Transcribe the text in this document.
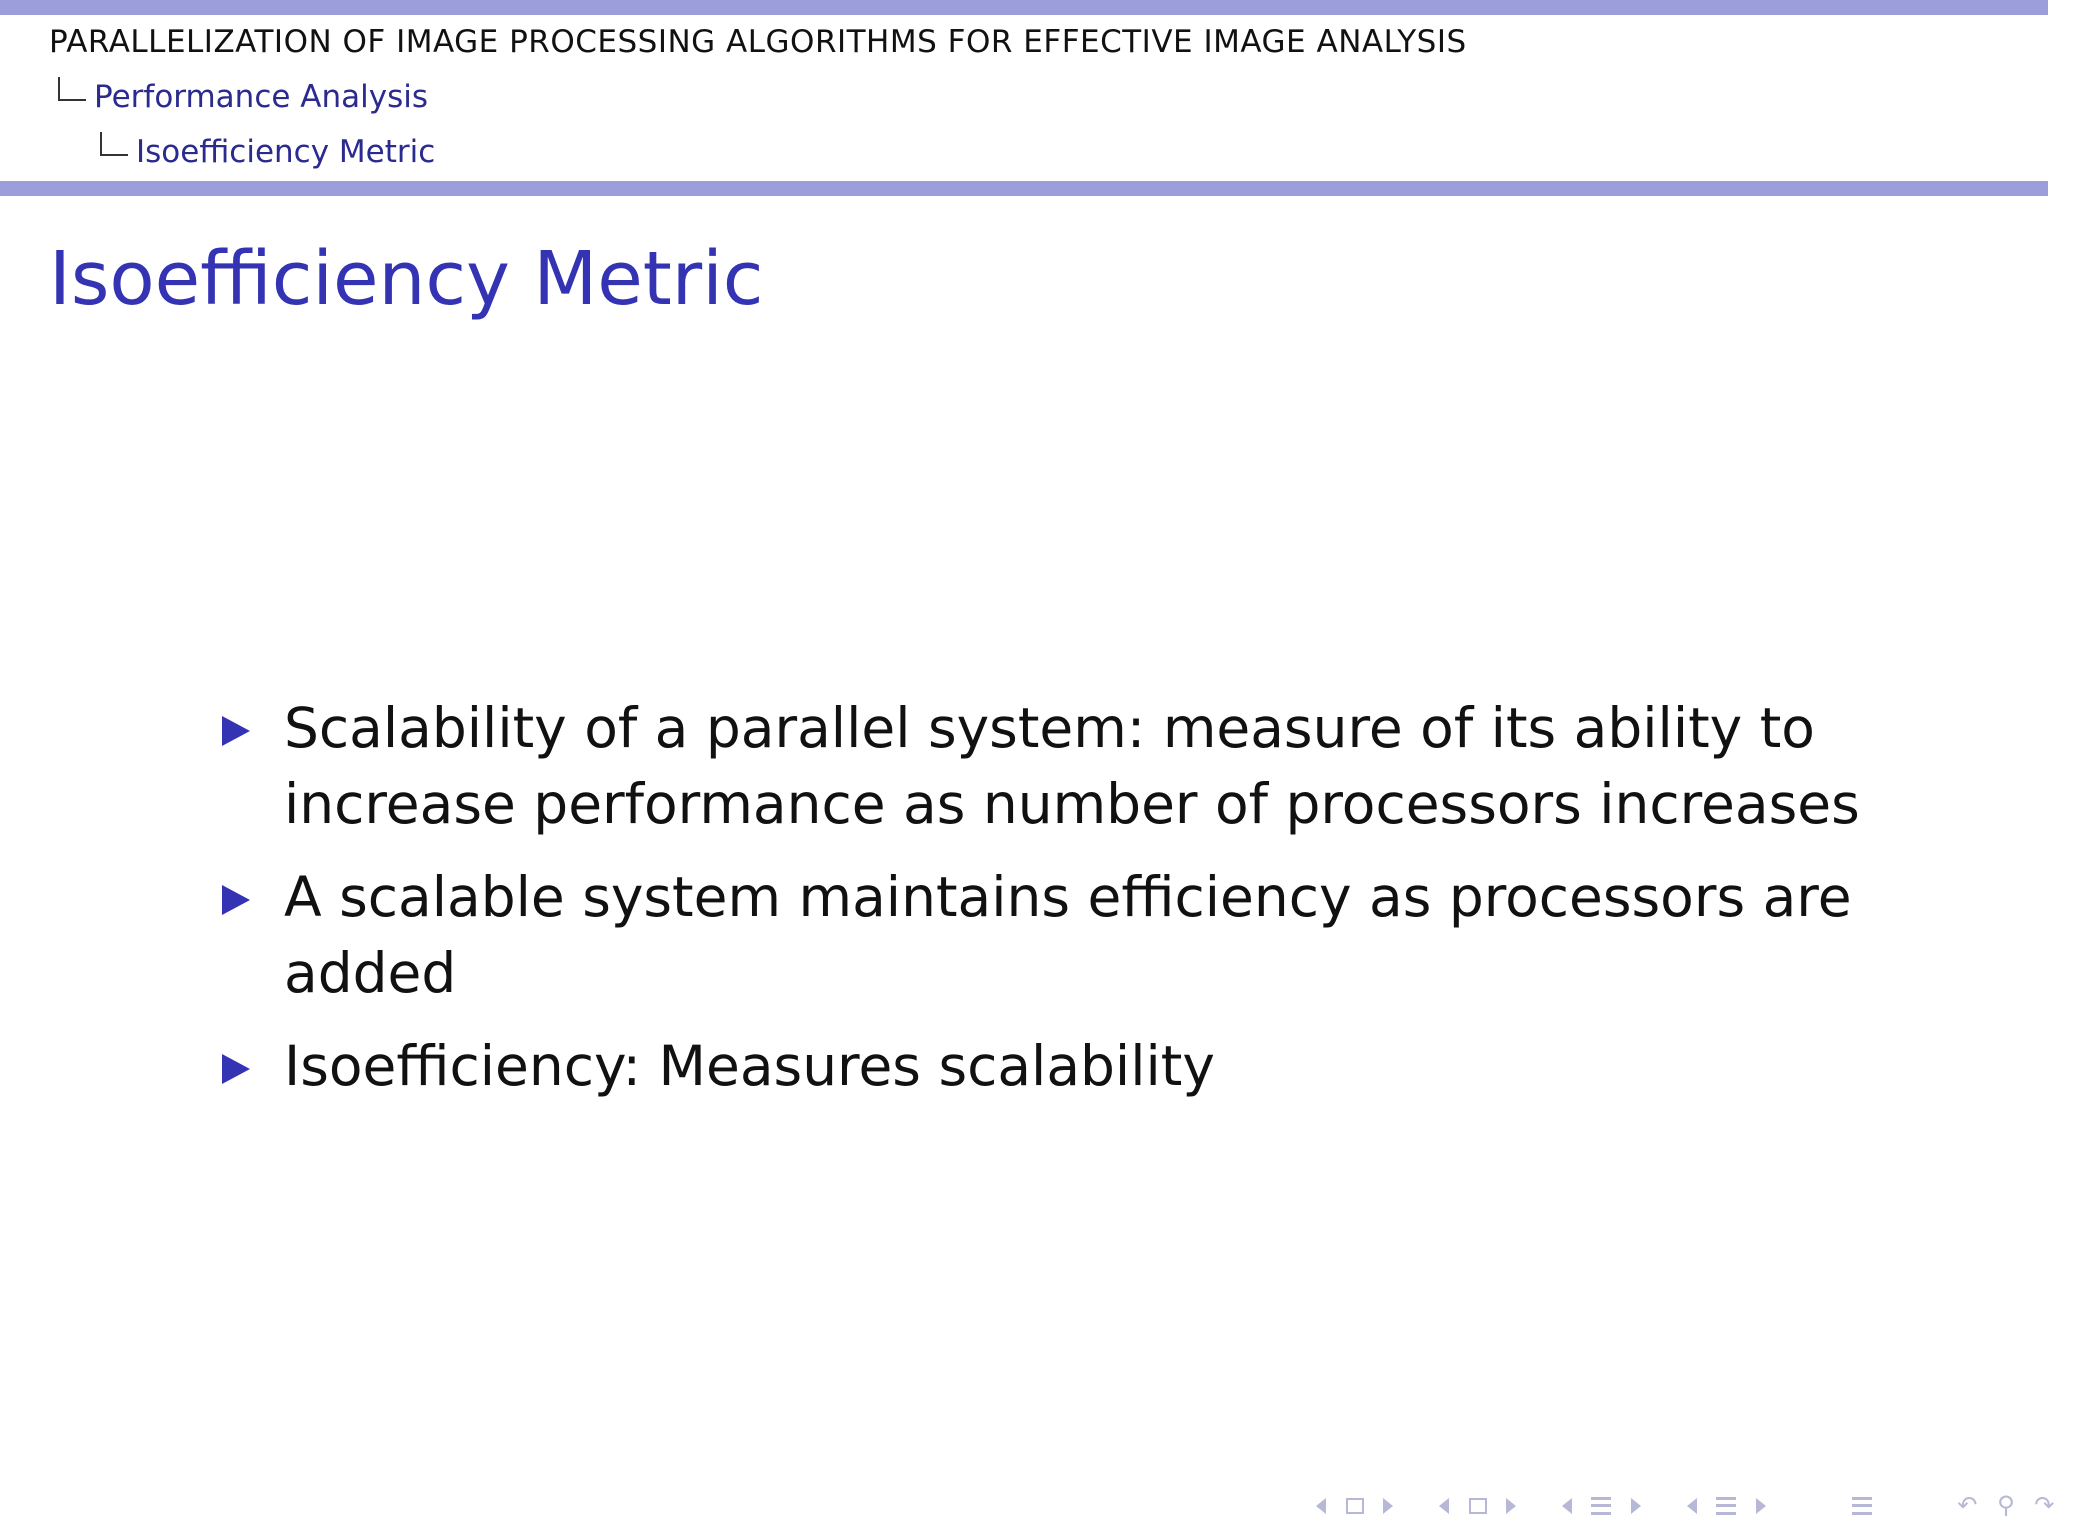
PARALLELIZATION OF IMAGE PROCESSING ALGORITHMS FOR EFFECTIVE IMAGE ANALYSIS
Performance Analysis
Isoefficiency Metric
Isoefficiency Metric
Scalability of a parallel system: measure of its ability to increase performance as number of processors increases
A scalable system maintains efficiency as processors are added
Isoefficiency: Measures scalability
↶ ⚲ ↷
